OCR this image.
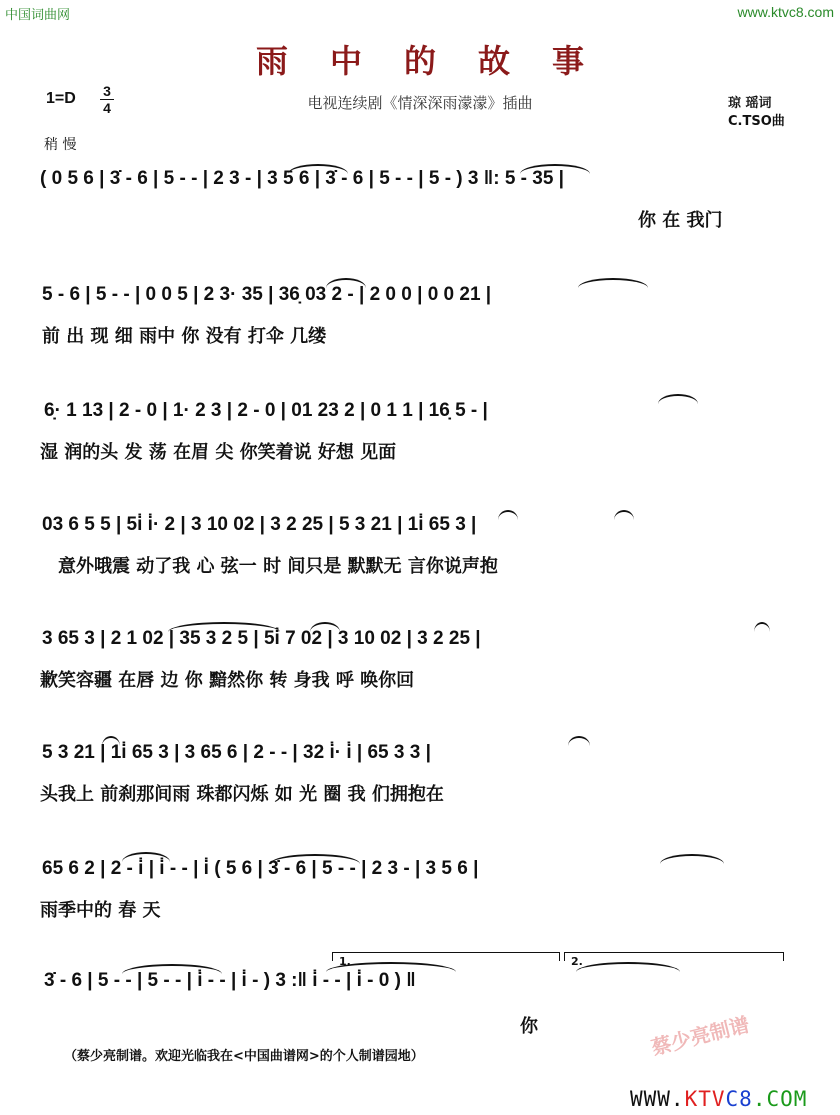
中国词曲网	www.ktvc8.com
雨中的故事
1=D 3
4	电视连续剧《情深深雨濛濛》插曲	琼 瑶词
C.TSO曲
稍 慢
( 0 5 6 | 3̇ - 6 | 5 - - | 2 3 - | 3 5 6 | 3̇ - 6 | 5 - - | 5 - ) 3 ‖: 5 - 35 |
你 在 我门
5 - 6 | 5 - - | 0 0 5 | 2 3· 35 | 36̣ 03 2 - | 2 0 0 | 0 0 21 |
前 出 现 细 雨中 你 没有 打伞 几缕
6̣· 1 13 | 2 - 0 | 1· 2 3 | 2 - 0 | 01 23 2 | 0 1 1 | 16̣ 5 - |
湿 润的头 发 荡 在眉 尖 你笑着说 好想 见面
03 6 5 5 | 5i̇ i̇· 2 | 3 10 02 | 3 2 25 | 5 3 21 | 1i̇ 65 3 |
意外哦震 动了我 心 弦一 时 间只是 默默无 言你说声抱
3 65 3 | 2 1 02 | 35 3 2 5 | 5i̇ 7 02 | 3 10 02 | 3 2 25 |
歉笑容疆 在唇 边 你 黯然你 转 身我 呼 唤你回
5 3 21 | 1i̇ 65 3 | 3 65 6 | 2 - - | 32 i̇· i̇ | 65 3 3 |
头我上 前刹那间雨 珠都闪烁 如 光 圈 我 们拥抱在
65 6 2 | 2 - i̇ | i̇ - - | i̇ ( 5 6 | 3̇ - 6 | 5 - - | 2 3 - | 3 5 6 |
雨季中的 春 天
3̇ - 6 | 5 - - | 5 - - | i̇ - - | i̇ - ) 3 :‖ i̇ - - | i̇ - 0 ) ‖
你
1.	2.
（蔡少亮制谱。欢迎光临我在<中国曲谱网>的个人制谱园地）	蔡少亮制谱
WWW.KTVC8.COM
